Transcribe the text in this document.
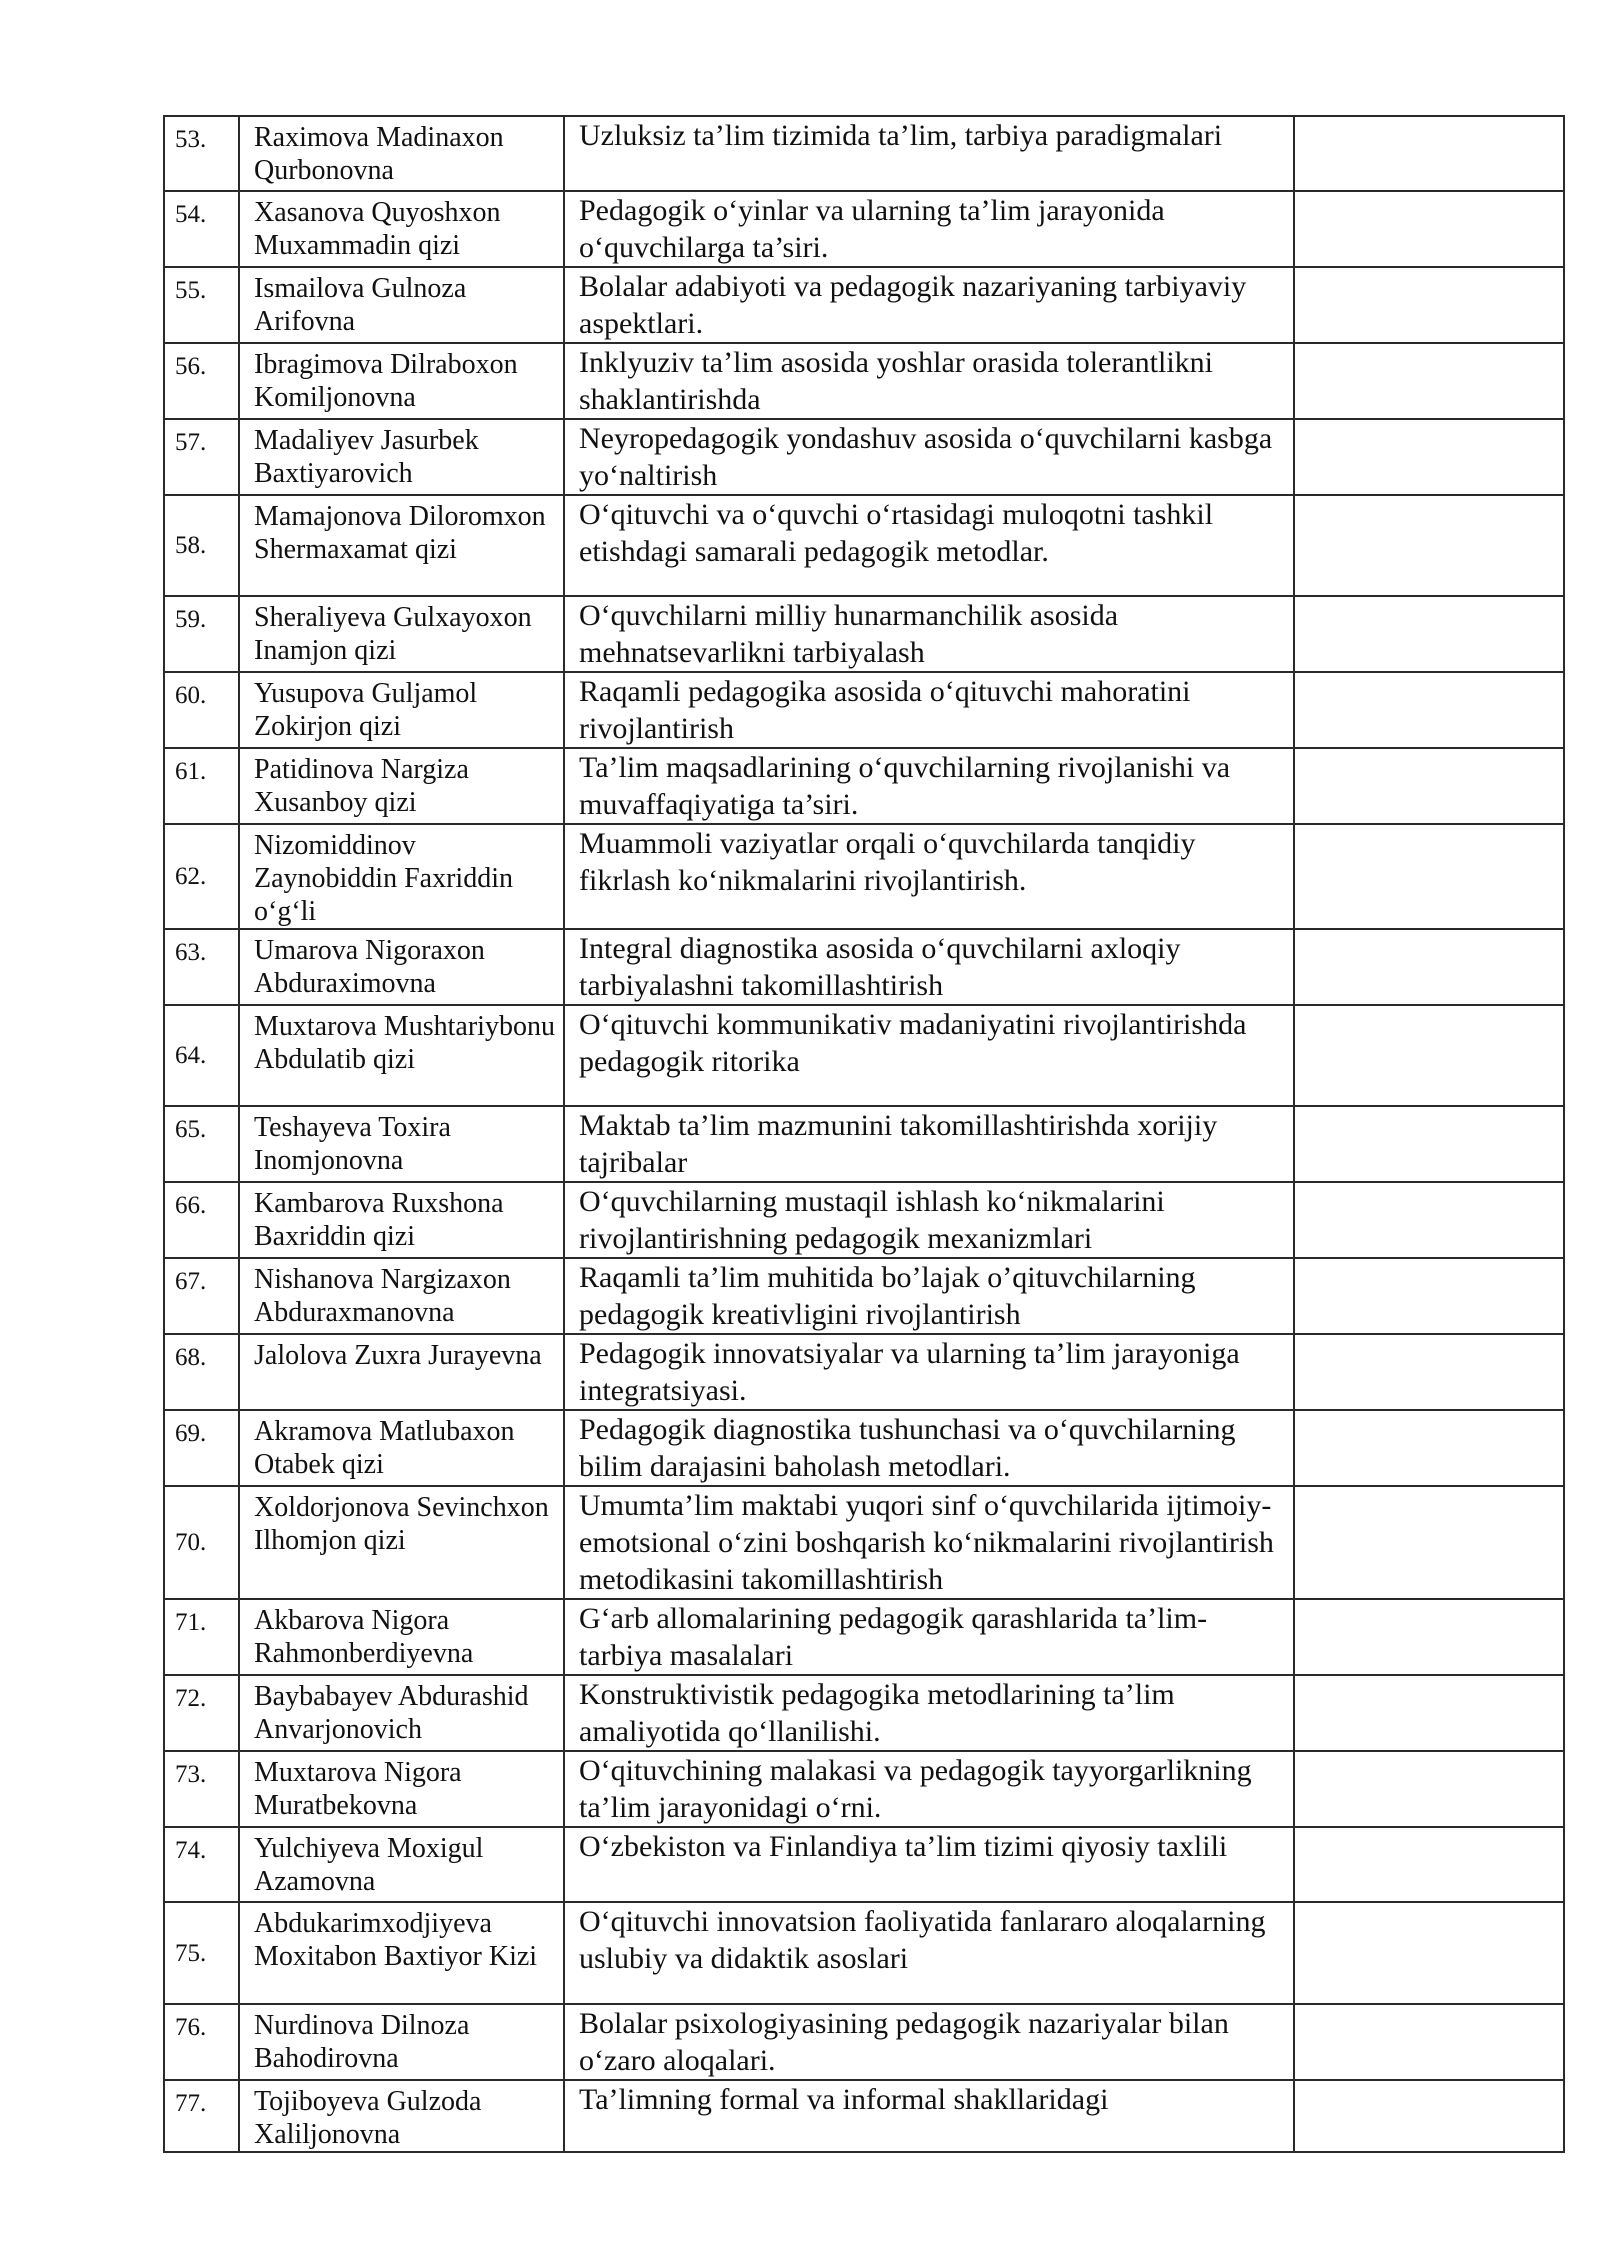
53.	Raximova Madinaxon Qurbonovna	Uzluksiz ta’lim tizimida ta’lim, tarbiya paradigmalari	
54.	Xasanova Quyoshxon Muxammadin qizi	Pedagogik o‘yinlar va ularning ta’lim jarayonida o‘quvchilarga ta’siri.	
55.	Ismailova Gulnoza Arifovna	Bolalar adabiyoti va pedagogik nazariyaning tarbiyaviy aspektlari.	
56.	Ibragimova Dilraboxon Komiljonovna	Inklyuziv ta’lim asosida yoshlar orasida tolerantlikni shaklantirishda	
57.	Madaliyev Jasurbek Baxtiyarovich	Neyropedagogik yondashuv asosida o‘quvchilarni kasbga yo‘naltirish	
58.	Mamajonova Diloromxon Shermaxamat qizi	O‘qituvchi va o‘quvchi o‘rtasidagi muloqotni tashkil etishdagi samarali pedagogik metodlar.	
59.	Sheraliyeva Gulxayoxon Inamjon qizi	O‘quvchilarni milliy hunarmanchilik asosida mehnatsevarlikni tarbiyalash	
60.	Yusupova Guljamol Zokirjon qizi	Raqamli pedagogika asosida o‘qituvchi mahoratini rivojlantirish	
61.	Patidinova Nargiza Xusanboy qizi	Ta’lim maqsadlarining o‘quvchilarning rivojlanishi va muvaffaqiyatiga ta’siri.	
62.	Nizomiddinov Zaynobiddin Faxriddin o‘g‘li	Muammoli vaziyatlar orqali o‘quvchilarda tanqidiy fikrlash ko‘nikmalarini rivojlantirish.	
63.	Umarova Nigoraxon Abduraximovna	Integral diagnostika asosida o‘quvchilarni axloqiy tarbiyalashni takomillashtirish	
64.	Muxtarova Mushtariybonu Abdulatib qizi	O‘qituvchi kommunikativ madaniyatini rivojlantirishda pedagogik ritorika	
65.	Teshayeva Toxira Inomjonovna	Maktab ta’lim mazmunini takomillashtirishda xorijiy tajribalar	
66.	Kambarova Ruxshona Baxriddin qizi	O‘quvchilarning mustaqil ishlash ko‘nikmalarini rivojlantirishning pedagogik mexanizmlari	
67.	Nishanova Nargizaxon Abduraxmanovna	Raqamli ta’lim muhitida bo’lajak o’qituvchilarning pedagogik kreativligini rivojlantirish	
68.	Jalolova Zuxra Jurayevna	Pedagogik innovatsiyalar va ularning ta’lim jarayoniga integratsiyasi.	
69.	Akramova Matlubaxon Otabek qizi	Pedagogik diagnostika tushunchasi va o‘quvchilarning bilim darajasini baholash metodlari.	
70.	Xoldorjonova Sevinchxon Ilhomjon qizi	Umumta’lim maktabi yuqori sinf o‘quvchilarida ijtimoiy-emotsional o‘zini boshqarish ko‘nikmalarini rivojlantirish metodikasini takomillashtirish	
71.	Akbarova Nigora Rahmonberdiyevna	G‘arb allomalarining pedagogik qarashlarida ta’lim-tarbiya masalalari	
72.	Baybabayev Abdurashid Anvarjonovich	Konstruktivistik pedagogika metodlarining ta’lim amaliyotida qo‘llanilishi.	
73.	Muxtarova Nigora Muratbekovna	O‘qituvchining malakasi va pedagogik tayyorgarlikning ta’lim jarayonidagi o‘rni.	
74.	Yulchiyeva Moxigul Azamovna	O‘zbekiston va Finlandiya ta’lim tizimi qiyosiy taxlili	
75.	Abdukarimxodjiyeva Moxitabon Baxtiyor Kizi	O‘qituvchi innovatsion faoliyatida fanlararo aloqalarning uslubiy va didaktik asoslari	
76.	Nurdinova Dilnoza Bahodirovna	Bolalar psixologiyasining pedagogik nazariyalar bilan o‘zaro aloqalari.	
77.	Tojiboyeva Gulzoda Xaliljonovna	Ta’limning formal va informal shakllaridagi	
